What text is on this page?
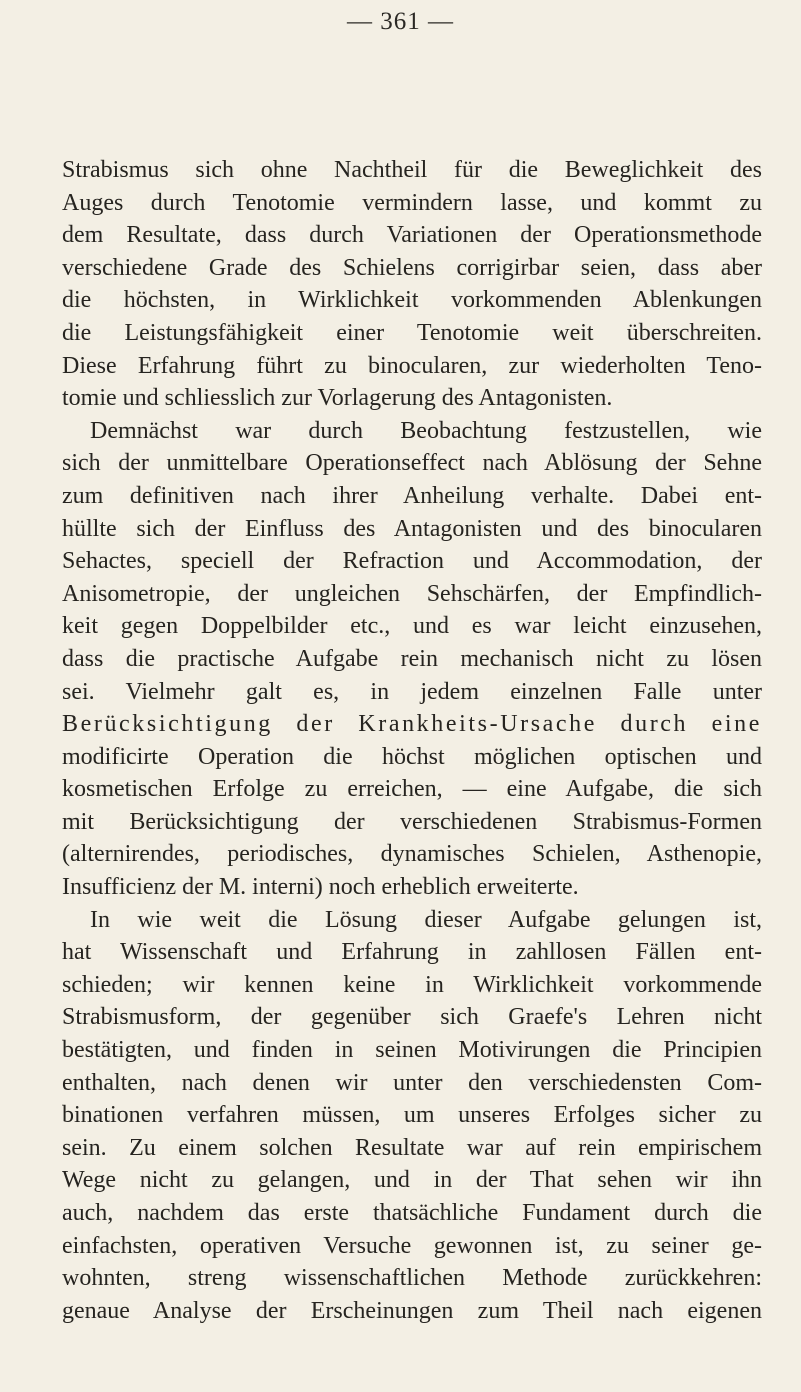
— 361 —
Strabismus sich ohne Nachtheil für die Beweglichkeit des
Auges durch Tenotomie vermindern lasse, und kommt zu
dem Resultate, dass durch Variationen der Operationsmethode
verschiedene Grade des Schielens corrigirbar seien, dass aber
die höchsten, in Wirklichkeit vorkommenden Ablenkungen
die Leistungsfähigkeit einer Tenotomie weit überschreiten.
Diese Erfahrung führt zu binocularen, zur wiederholten Teno-
tomie und schliesslich zur Vorlagerung des Antagonisten.
Demnächst war durch Beobachtung festzustellen, wie
sich der unmittelbare Operationseffect nach Ablösung der Sehne
zum definitiven nach ihrer Anheilung verhalte. Dabei ent-
hüllte sich der Einfluss des Antagonisten und des binocularen
Sehactes, speciell der Refraction und Accommodation, der
Anisometropie, der ungleichen Sehschärfen, der Empfindlich-
keit gegen Doppelbilder etc., und es war leicht einzusehen,
dass die practische Aufgabe rein mechanisch nicht zu lösen
sei. Vielmehr galt es, in jedem einzelnen Falle unter
Berücksichtigung der Krankheits-Ursache durch eine
modificirte Operation die höchst möglichen optischen und
kosmetischen Erfolge zu erreichen, — eine Aufgabe, die sich
mit Berücksichtigung der verschiedenen Strabismus-Formen
(alternirendes, periodisches, dynamisches Schielen, Asthenopie,
Insufficienz der M. interni) noch erheblich erweiterte.
In wie weit die Lösung dieser Aufgabe gelungen ist,
hat Wissenschaft und Erfahrung in zahllosen Fällen ent-
schieden; wir kennen keine in Wirklichkeit vorkommende
Strabismusform, der gegenüber sich Graefe's Lehren nicht
bestätigten, und finden in seinen Motivirungen die Principien
enthalten, nach denen wir unter den verschiedensten Com-
binationen verfahren müssen, um unseres Erfolges sicher zu
sein. Zu einem solchen Resultate war auf rein empirischem
Wege nicht zu gelangen, und in der That sehen wir ihn
auch, nachdem das erste thatsächliche Fundament durch die
einfachsten, operativen Versuche gewonnen ist, zu seiner ge-
wohnten, streng wissenschaftlichen Methode zurückkehren:
genaue Analyse der Erscheinungen zum Theil nach eigenen
